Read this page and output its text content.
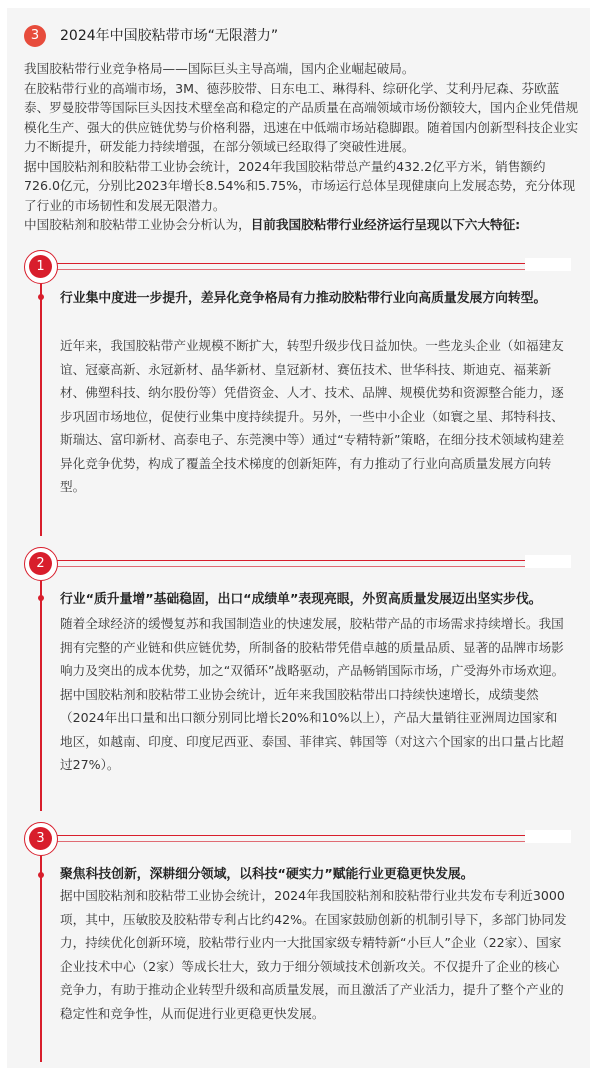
3	2024年中国胶粘带市场“无限潜力”

我国胶粘带行业竞争格局——国际巨头主导高端，国内企业崛起破局。

在胶粘带行业的高端市场，3M、德莎胶带、日东电工、琳得科、综研化学、艾利丹尼森、芬欧蓝泰、罗曼胶带等国际巨头因技术壁垒高和稳定的产品质量在高端领域市场份额较大，国内企业凭借规模化生产、强大的供应链优势与价格利器，迅速在中低端市场站稳脚跟。随着国内创新型科技企业实力不断提升，研发能力持续增强，在部分领域已经取得了突破性进展。

据中国胶粘剂和胶粘带工业协会统计，2024年我国胶粘带总产量约432.2亿平方米，销售额约726.0亿元，分别比2023年增长8.54%和5.75%，市场运行总体呈现健康向上发展态势，充分体现了行业的市场韧性和发展无限潜力。

中国胶粘剂和胶粘带工业协会分析认为，目前我国胶粘带行业经济运行呈现以下六大特征:

1

行业集中度进一步提升，差异化竞争格局有力推动胶粘带行业向高质量发展方向转型。

近年来，我国胶粘带产业规模不断扩大，转型升级步伐日益加快。一些龙头企业（如福建友谊、冠豪高新、永冠新材、晶华新材、皇冠新材、赛伍技术、世华科技、斯迪克、福莱新材、佛塑科技、纳尔股份等）凭借资金、人才、技术、品牌、规模优势和资源整合能力，逐步巩固市场地位，促使行业集中度持续提升。另外，一些中小企业（如寰之星、邦特科技、斯瑞达、富印新材、高泰电子、东莞澳中等）通过“专精特新”策略，在细分技术领域构建差异化竞争优势，构成了覆盖全技术梯度的创新矩阵，有力推动了行业向高质量发展方向转型。

2

行业“质升量增”基础稳固，出口“成绩单”表现亮眼，外贸高质量发展迈出坚实步伐。

随着全球经济的缓慢复苏和我国制造业的快速发展，胶粘带产品的市场需求持续增长。我国拥有完整的产业链和供应链优势，所制备的胶粘带凭借卓越的质量品质、显著的品牌市场影响力及突出的成本优势，加之“双循环”战略驱动，产品畅销国际市场，广受海外市场欢迎。据中国胶粘剂和胶粘带工业协会统计，近年来我国胶粘带出口持续快速增长，成绩斐然（2024年出口量和出口额分别同比增长20%和10%以上），产品大量销往亚洲周边国家和地区，如越南、印度、印度尼西亚、泰国、菲律宾、韩国等（对这六个国家的出口量占比超过27%）。

3

聚焦科技创新，深耕细分领域，以科技“硬实力”赋能行业更稳更快发展。

据中国胶粘剂和胶粘带工业协会统计，2024年我国胶粘剂和胶粘带行业共发布专利近3000项，其中，压敏胶及胶粘带专利占比约42%。在国家鼓励创新的机制引导下，多部门协同发力，持续优化创新环境，胶粘带行业内一大批国家级专精特新“小巨人”企业（22家）、国家企业技术中心（2家）等成长壮大，致力于细分领域技术创新攻关。不仅提升了企业的核心竞争力，有助于推动企业转型升级和高质量发展，而且激活了产业活力，提升了整个产业的稳定性和竞争性，从而促进行业更稳更快发展。
